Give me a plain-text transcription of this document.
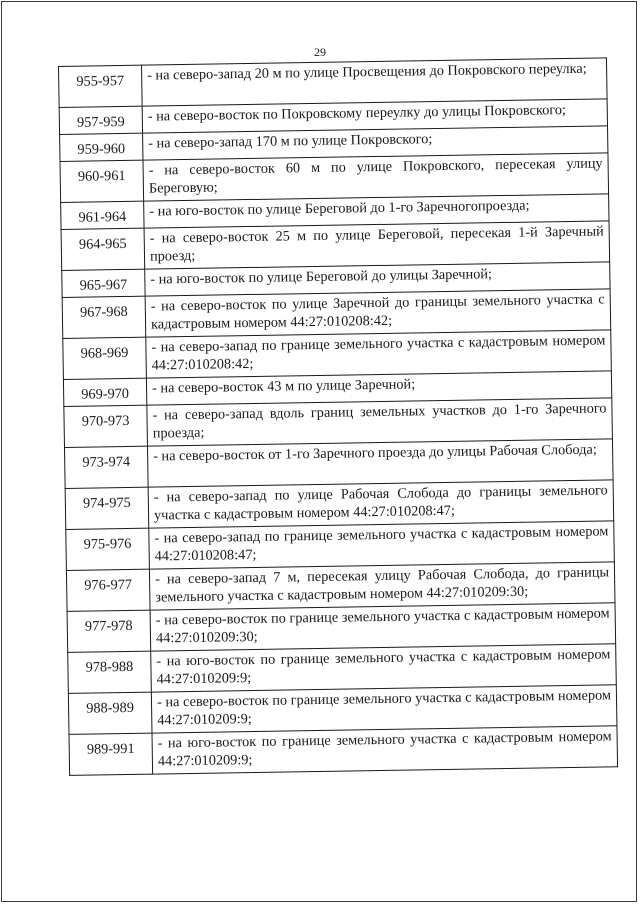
29
955-957	- на северо-запад 20 м по улице Просвещения до Покровского переулка;
957-959	- на северо-восток по Покровскому переулку до улицы Покровского;
959-960	- на северо-запад 170 м по улице Покровского;
960-961	- на северо-восток 60 м по улице Покровского, пересекая улицу Береговую;
961-964	- на юго-восток по улице Береговой до 1-го Заречногопроезда;
964-965	- на северо-восток 25 м по улице Береговой, пересекая 1-й Заречный проезд;
965-967	- на юго-восток по улице Береговой до улицы Заречной;
967-968	- на северо-восток по улице Заречной до границы земельного участка с кадастровым номером 44:27:010208:42;
968-969	- на северо-запад по границе земельного участка с кадастровым номером 44:27:010208:42;
969-970	- на северо-восток 43 м по улице Заречной;
970-973	- на северо-запад вдоль границ земельных участков до 1-го Заречного проезда;
973-974	- на северо-восток от 1-го Заречного проезда до улицы Рабочая Слобода;
974-975	- на северо-запад по улице Рабочая Слобода до границы земельного участка с кадастровым номером 44:27:010208:47;
975-976	- на северо-запад по границе земельного участка с кадастровым номером 44:27:010208:47;
976-977	- на северо-запад 7 м, пересекая улицу Рабочая Слобода, до границы земельного участка с кадастровым номером 44:27:010209:30;
977-978	- на северо-восток по границе земельного участка с кадастровым номером 44:27:010209:30;
978-988	- на юго-восток по границе земельного участка с кадастровым номером 44:27:010209:9;
988-989	- на северо-восток по границе земельного участка с кадастровым номером 44:27:010209:9;
989-991	- на юго-восток по границе земельного участка с кадастровым номером 44:27:010209:9;
